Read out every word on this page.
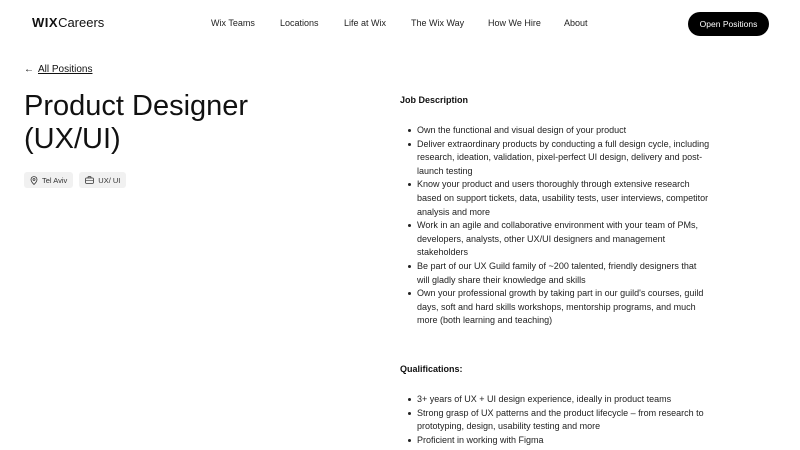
WIXCareers	Wix Teams	Locations	Life at Wix	The Wix Way	How We Hire	About	Open Positions
← All Positions
Product Designer (UX/UI)
Tel Aviv	UX/ UI
Job Description
Own the functional and visual design of your product
Deliver extraordinary products by conducting a full design cycle, including research, ideation, validation, pixel-perfect UI design, delivery and post-launch testing
Know your product and users thoroughly through extensive research based on support tickets, data, usability tests, user interviews, competitor analysis and more
Work in an agile and collaborative environment with your team of PMs, developers, analysts, other UX/UI designers and management stakeholders
Be part of our UX Guild family of ~200 talented, friendly designers that will gladly share their knowledge and skills
Own your professional growth by taking part in our guild's courses, guild days, soft and hard skills workshops, mentorship programs, and much more (both learning and teaching)
Qualifications:
3+ years of UX + UI design experience, ideally in product teams
Strong grasp of UX patterns and the product lifecycle – from research to prototyping, design, usability testing and more
Proficient in working with Figma
